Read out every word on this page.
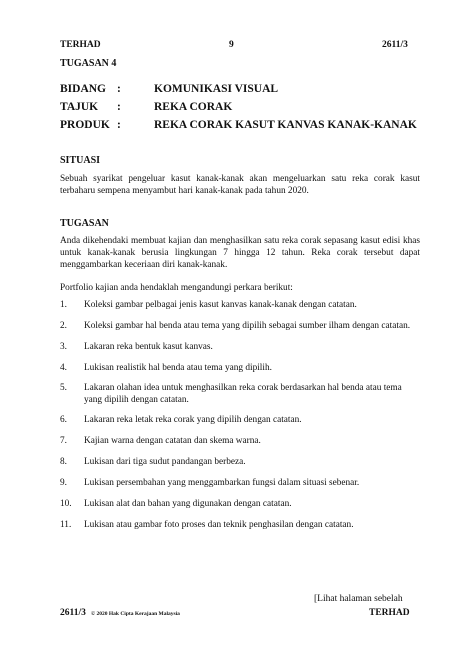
TERHAD	9	2611/3
TUGASAN 4
BIDANG :	KOMUNIKASI VISUAL
TAJUK :	REKA CORAK
PRODUK :	REKA CORAK KASUT KANVAS KANAK-KANAK
SITUASI
Sebuah syarikat pengeluar kasut kanak-kanak akan mengeluarkan satu reka corak kasut terbaharu sempena menyambut hari kanak-kanak pada tahun 2020.
TUGASAN
Anda dikehendaki membuat kajian dan menghasilkan satu reka corak sepasang kasut edisi khas untuk kanak-kanak berusia lingkungan 7 hingga 12 tahun. Reka corak tersebut dapat menggambarkan keceriaan diri kanak-kanak.
Portfolio kajian anda hendaklah mengandungi perkara berikut:
1. Koleksi gambar pelbagai jenis kasut kanvas kanak-kanak dengan catatan.
2. Koleksi gambar hal benda atau tema yang dipilih sebagai sumber ilham dengan catatan.
3. Lakaran reka bentuk kasut kanvas.
4. Lukisan realistik hal benda atau tema yang dipilih.
5. Lakaran olahan idea untuk menghasilkan reka corak berdasarkan hal benda atau tema yang dipilih dengan catatan.
6. Lakaran reka letak reka corak yang dipilih dengan catatan.
7. Kajian warna dengan catatan dan skema warna.
8. Lukisan dari tiga sudut pandangan berbeza.
9. Lukisan persembahan yang menggambarkan fungsi dalam situasi sebenar.
10. Lukisan alat dan bahan yang digunakan dengan catatan.
11. Lukisan atau gambar foto proses dan teknik penghasilan dengan catatan.
[Lihat halaman sebelah
2611/3 © 2020 Hak Cipta Kerajaan Malaysia	TERHAD
